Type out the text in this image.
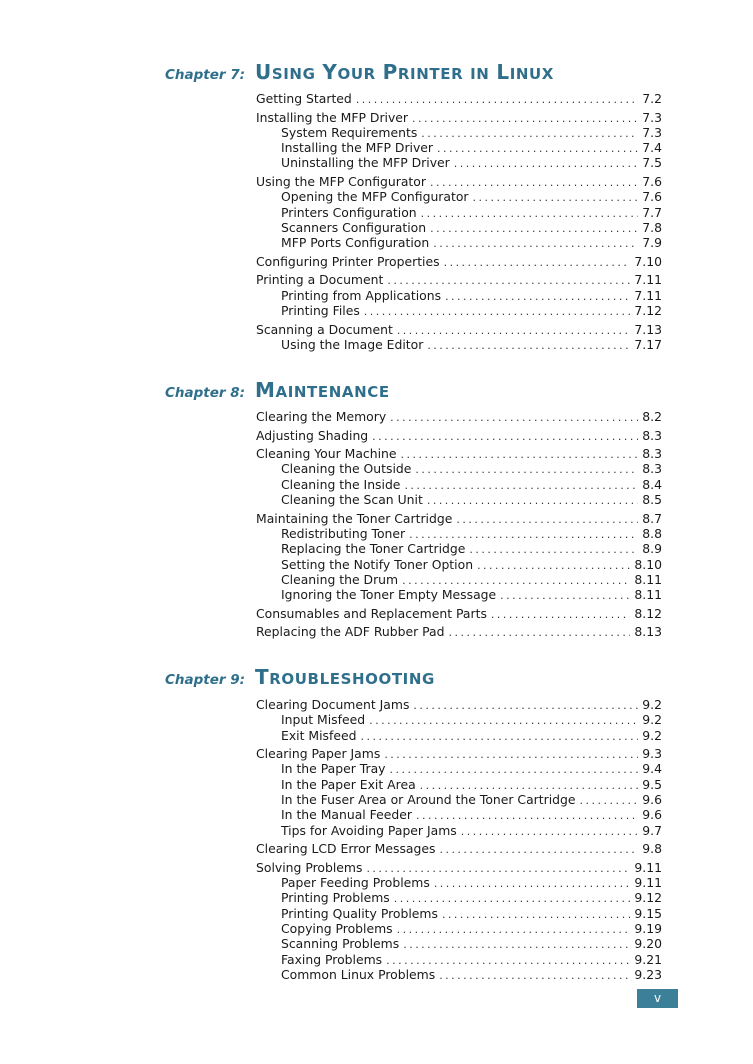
Chapter 7: USING YOUR PRINTER IN LINUX
Getting Started . . .	7.2
Installing the MFP Driver . . .	7.3
System Requirements . . .	7.3
Installing the MFP Driver . . .	7.4
Uninstalling the MFP Driver . . .	7.5
Using the MFP Configurator . . .	7.6
Opening the MFP Configurator . . .	7.6
Printers Configuration . . .	7.7
Scanners Configuration . . .	7.8
MFP Ports Configuration . . .	7.9
Configuring Printer Properties . . .	7.10
Printing a Document . . .	7.11
Printing from Applications . . .	7.11
Printing Files . . .	7.12
Scanning a Document . . .	7.13
Using the Image Editor . . .	7.17
Chapter 8: MAINTENANCE
Clearing the Memory . . .	8.2
Adjusting Shading . . .	8.3
Cleaning Your Machine . . .	8.3
Cleaning the Outside . . .	8.3
Cleaning the Inside . . .	8.4
Cleaning the Scan Unit . . .	8.5
Maintaining the Toner Cartridge . . .	8.7
Redistributing Toner . . .	8.8
Replacing the Toner Cartridge . . .	8.9
Setting the Notify Toner Option . . .	8.10
Cleaning the Drum . . .	8.11
Ignoring the Toner Empty Message . . .	8.11
Consumables and Replacement Parts . . .	8.12
Replacing the ADF Rubber Pad . . .	8.13
Chapter 9: TROUBLESHOOTING
Clearing Document Jams . . .	9.2
Input Misfeed . . .	9.2
Exit Misfeed . . .	9.2
Clearing Paper Jams . . .	9.3
In the Paper Tray . . .	9.4
In the Paper Exit Area . . .	9.5
In the Fuser Area or Around the Toner Cartridge . . .	9.6
In the Manual Feeder . . .	9.6
Tips for Avoiding Paper Jams . . .	9.7
Clearing LCD Error Messages . . .	9.8
Solving Problems . . .	9.11
Paper Feeding Problems . . .	9.11
Printing Problems . . .	9.12
Printing Quality Problems . . .	9.15
Copying Problems . . .	9.19
Scanning Problems . . .	9.20
Faxing Problems . . .	9.21
Common Linux Problems . . .	9.23
v
